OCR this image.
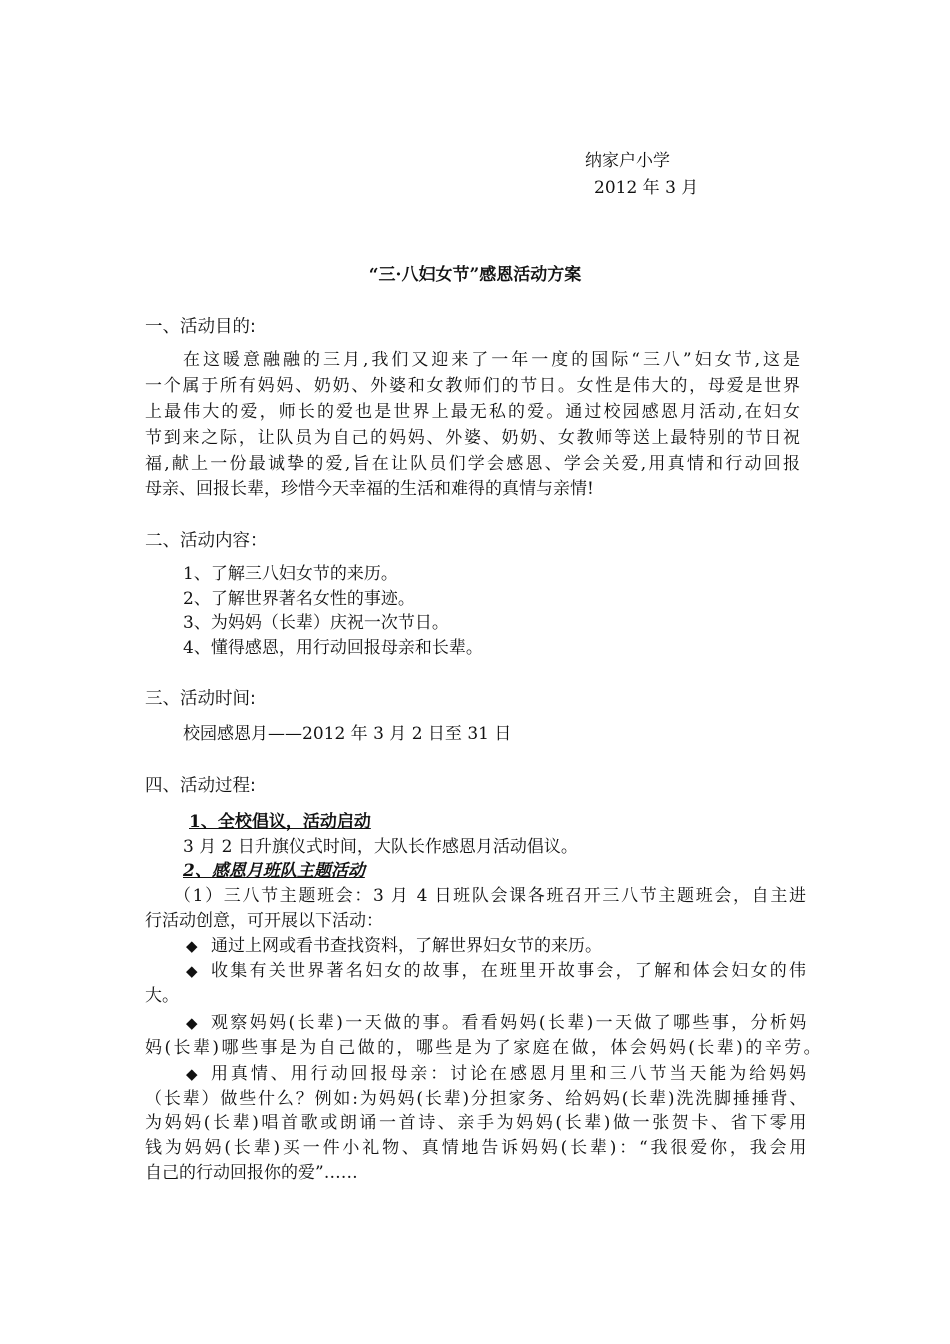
纳家户小学
2012 年 3 月
“三·八妇女节”感恩活动方案
一、活动目的:
在这暖意融融的三月,我们又迎来了一年一度的国际“三八”妇女节,这是
一个属于所有妈妈、奶奶、外婆和女教师们的节日。女性是伟大的，母爱是世界
上最伟大的爱，师长的爱也是世界上最无私的爱。通过校园感恩月活动,在妇女
节到来之际，让队员为自己的妈妈、外婆、奶奶、女教师等送上最特别的节日祝
福,献上一份最诚挚的爱,旨在让队员们学会感恩、学会关爱,用真情和行动回报
母亲、回报长辈，珍惜今天幸福的生活和难得的真情与亲情!
二、活动内容：
1、了解三八妇女节的来历。
2、了解世界著名女性的事迹。
3、为妈妈（长辈）庆祝一次节日。
4、懂得感恩，用行动回报母亲和长辈。
三、活动时间:
校园感恩月——2012 年 3 月 2 日至 31 日
四、活动过程:
1、全校倡议，活动启动
3 月 2 日升旗仪式时间，大队长作感恩月活动倡议。
2、感恩月班队主题活动
（1）三八节主题班会：3 月 4 日班队会课各班召开三八节主题班会，自主进
行活动创意，可开展以下活动：
◆ 通过上网或看书查找资料，了解世界妇女节的来历。
◆ 收集有关世界著名妇女的故事，在班里开故事会，了解和体会妇女的伟
大。
◆ 观察妈妈(长辈)一天做的事。看看妈妈(长辈)一天做了哪些事，分析妈
妈(长辈)哪些事是为自己做的，哪些是为了家庭在做，体会妈妈(长辈)的辛劳。
◆ 用真情、用行动回报母亲：讨论在感恩月里和三八节当天能为给妈妈
（长辈）做些什么？例如:为妈妈(长辈)分担家务、给妈妈(长辈)洗洗脚捶捶背、
为妈妈(长辈)唱首歌或朗诵一首诗、亲手为妈妈(长辈)做一张贺卡、省下零用
钱为妈妈(长辈)买一件小礼物、真情地告诉妈妈(长辈)：“我很爱你，我会用
自己的行动回报你的爱”……
